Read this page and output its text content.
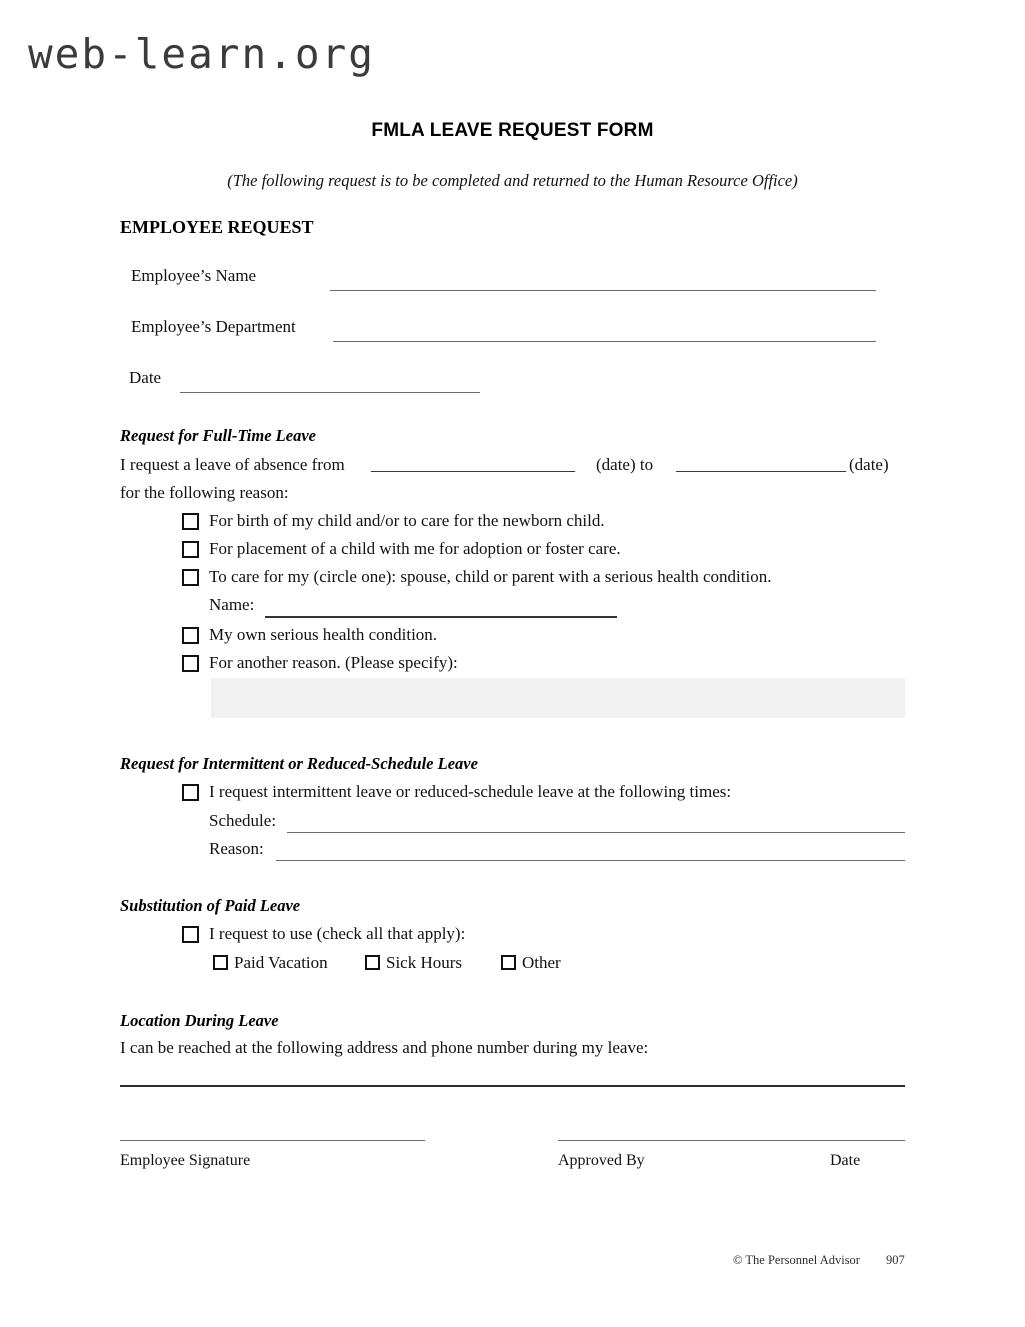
web-learn.org
FMLA LEAVE REQUEST FORM
(The following request is to be completed and returned to the Human Resource Office)
EMPLOYEE REQUEST
Employee’s Name
Employee’s Department
Date
Request for Full-Time Leave
I request a leave of absence from ________________________ (date) to ____________________ (date)
for the following reason:
For birth of my child and/or to care for the newborn child.
For placement of a child with me for adoption or foster care.
To care for my (circle one): spouse, child or parent with a serious health condition.
Name:
My own serious health condition.
For another reason. (Please specify):
Request for Intermittent or Reduced-Schedule Leave
I request intermittent leave or reduced-schedule leave at the following times:
Schedule:
Reason:
Substitution of Paid Leave
I request to use (check all that apply):
Paid Vacation	Sick Hours	Other
Location During Leave
I can be reached at the following address and phone number during my leave:
Employee Signature	Approved By	Date
© The Personnel Advisor 907
